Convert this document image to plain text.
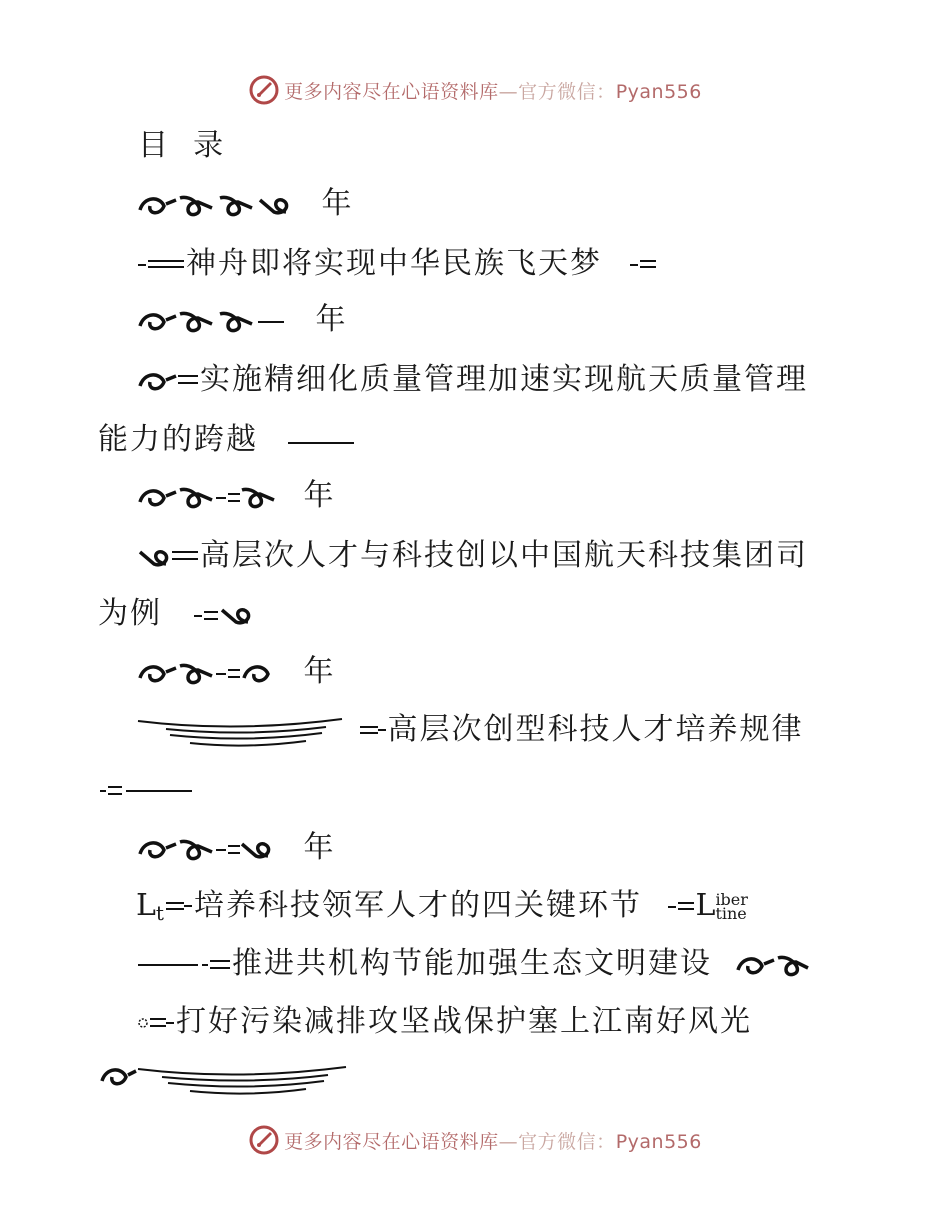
更多内容尽在心语资料库—官方微信：Pyan556
目  录
年
神舟即将实现中华民族飞天梦
年
实施精细化质量管理加速实现航天质量管理
能力的跨越
年
高层次人才与科技创以中国航天科技集团司
为例
年
高层次创型科技人才培养规律
年
$L_t$ 培养科技领军人才的四关键环节 L iber
tine
推进共机构节能加强生态文明建设
打好污染减排攻坚战保护塞上江南好风光
更多内容尽在心语资料库—官方微信：Pyan556
